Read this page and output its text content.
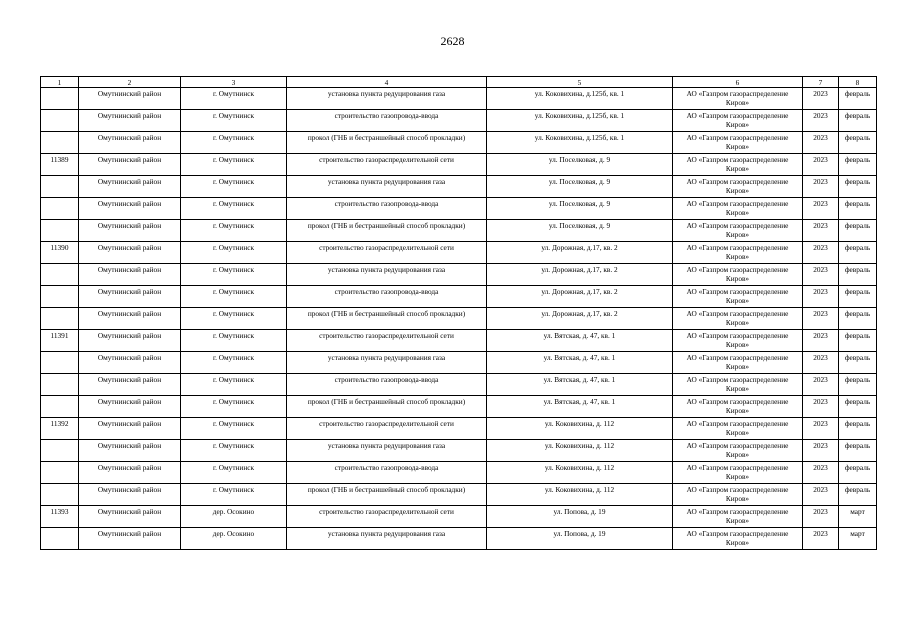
2628
1	2	3	4	5	6	7	8
	Омутнинский район	г. Омутнинск	установка пункта редуцирования газа	ул. Коковихина, д.125б, кв. 1	АО «Газпром газораспределение Киров»	2023	февраль
	Омутнинский район	г. Омутнинск	строительство газопровода-ввода	ул. Коковихина, д.125б, кв. 1	АО «Газпром газораспределение Киров»	2023	февраль
	Омутнинский район	г. Омутнинск	прокол (ГНБ и бестраншейный способ прокладки)	ул. Коковихина, д.125б, кв. 1	АО «Газпром газораспределение Киров»	2023	февраль
11389	Омутнинский район	г. Омутнинск	строительство газораспределительной сети	ул. Поселковая, д. 9	АО «Газпром газораспределение Киров»	2023	февраль
	Омутнинский район	г. Омутнинск	установка пункта редуцирования газа	ул. Поселковая, д. 9	АО «Газпром газораспределение Киров»	2023	февраль
	Омутнинский район	г. Омутнинск	строительство газопровода-ввода	ул. Поселковая, д. 9	АО «Газпром газораспределение Киров»	2023	февраль
	Омутнинский район	г. Омутнинск	прокол (ГНБ и бестраншейный способ прокладки)	ул. Поселковая, д. 9	АО «Газпром газораспределение Киров»	2023	февраль
11390	Омутнинский район	г. Омутнинск	строительство газораспределительной сети	ул. Дорожная, д.17, кв. 2	АО «Газпром газораспределение Киров»	2023	февраль
	Омутнинский район	г. Омутнинск	установка пункта редуцирования газа	ул. Дорожная, д.17, кв. 2	АО «Газпром газораспределение Киров»	2023	февраль
	Омутнинский район	г. Омутнинск	строительство газопровода-ввода	ул. Дорожная, д.17, кв. 2	АО «Газпром газораспределение Киров»	2023	февраль
	Омутнинский район	г. Омутнинск	прокол (ГНБ и бестраншейный способ прокладки)	ул. Дорожная, д.17, кв. 2	АО «Газпром газораспределение Киров»	2023	февраль
11391	Омутнинский район	г. Омутнинск	строительство газораспределительной сети	ул. Вятская, д. 47, кв. 1	АО «Газпром газораспределение Киров»	2023	февраль
	Омутнинский район	г. Омутнинск	установка пункта редуцирования газа	ул. Вятская, д. 47, кв. 1	АО «Газпром газораспределение Киров»	2023	февраль
	Омутнинский район	г. Омутнинск	строительство газопровода-ввода	ул. Вятская, д. 47, кв. 1	АО «Газпром газораспределение Киров»	2023	февраль
	Омутнинский район	г. Омутнинск	прокол (ГНБ и бестраншейный способ прокладки)	ул. Вятская, д. 47, кв. 1	АО «Газпром газораспределение Киров»	2023	февраль
11392	Омутнинский район	г. Омутнинск	строительство газораспределительной сети	ул. Коковихина, д. 112	АО «Газпром газораспределение Киров»	2023	февраль
	Омутнинский район	г. Омутнинск	установка пункта редуцирования газа	ул. Коковихина, д. 112	АО «Газпром газораспределение Киров»	2023	февраль
	Омутнинский район	г. Омутнинск	строительство газопровода-ввода	ул. Коковихина, д. 112	АО «Газпром газораспределение Киров»	2023	февраль
	Омутнинский район	г. Омутнинск	прокол (ГНБ и бестраншейный способ прокладки)	ул. Коковихина, д. 112	АО «Газпром газораспределение Киров»	2023	февраль
11393	Омутнинский район	дер. Осокино	строительство газораспределительной сети	ул. Попова, д. 19	АО «Газпром газораспределение Киров»	2023	март
	Омутнинский район	дер. Осокино	установка пункта редуцирования газа	ул. Попова, д. 19	АО «Газпром газораспределение Киров»	2023	март
